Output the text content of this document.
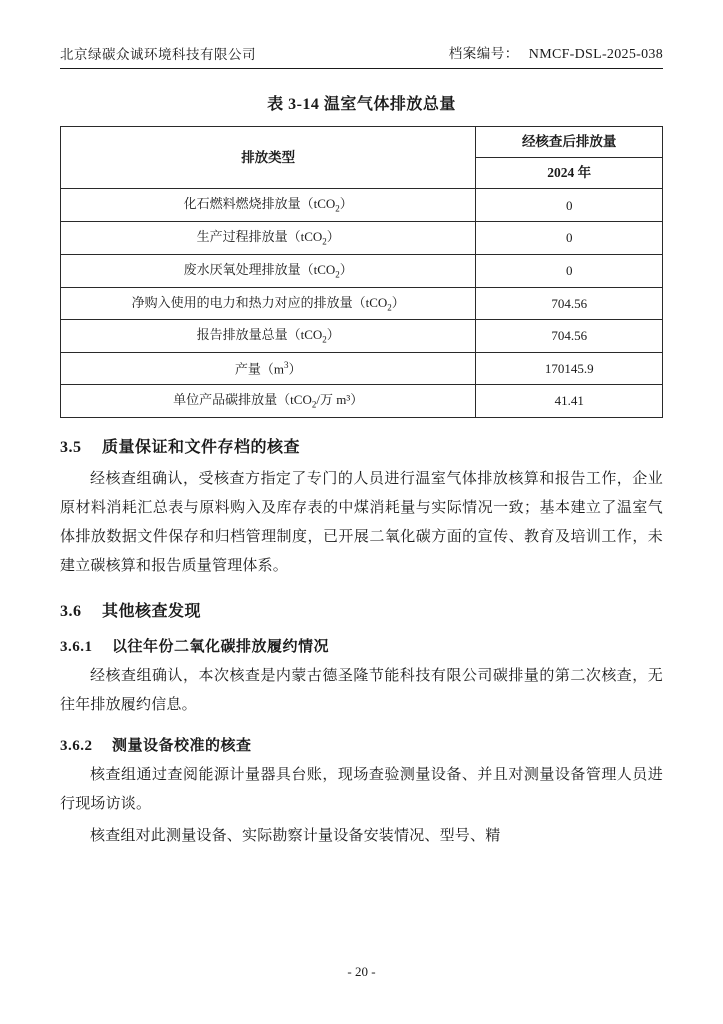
北京绿碳众诚环境科技有限公司	档案编号： NMCF-DSL-2025-038
表 3-14 温室气体排放总量
排放类型	经核查后排放量
	2024 年
化石燃料燃烧排放量（tCO$_2$）	0
生产过程排放量（tCO$_2$）	0
废水厌氧处理排放量（tCO$_2$）	0
净购入使用的电力和热力对应的排放量（tCO$_2$）	704.56
报告排放量总量（tCO$_2$）	704.56
产量$(m^3)$	170145.9
单位产品碳排放量（tCO$_2$/万 m³）	41.41
3.5 质量保证和文件存档的核查

经核查组确认，受核查方指定了专门的人员进行温室气体排放核算和报告工作，企业原材料消耗汇总表与原料购入及库存表的中煤消耗量与实际情况一致；基本建立了温室气体排放数据文件保存和归档管理制度，已开展二氧化碳方面的宣传、教育及培训工作，未建立碳核算和报告质量管理体系。

3.6 其他核查发现
3.6.1 以往年份二氧化碳排放履约情况

经核查组确认，本次核查是内蒙古德圣隆节能科技有限公司碳排量的第二次核查，无往年排放履约信息。

3.6.2 测量设备校准的核查

核查组通过查阅能源计量器具台账，现场查验测量设备、并且对测量设备管理人员进行现场访谈。

核查组对此测量设备、实际勘察计量设备安装情况、型号、精

- 20 -
